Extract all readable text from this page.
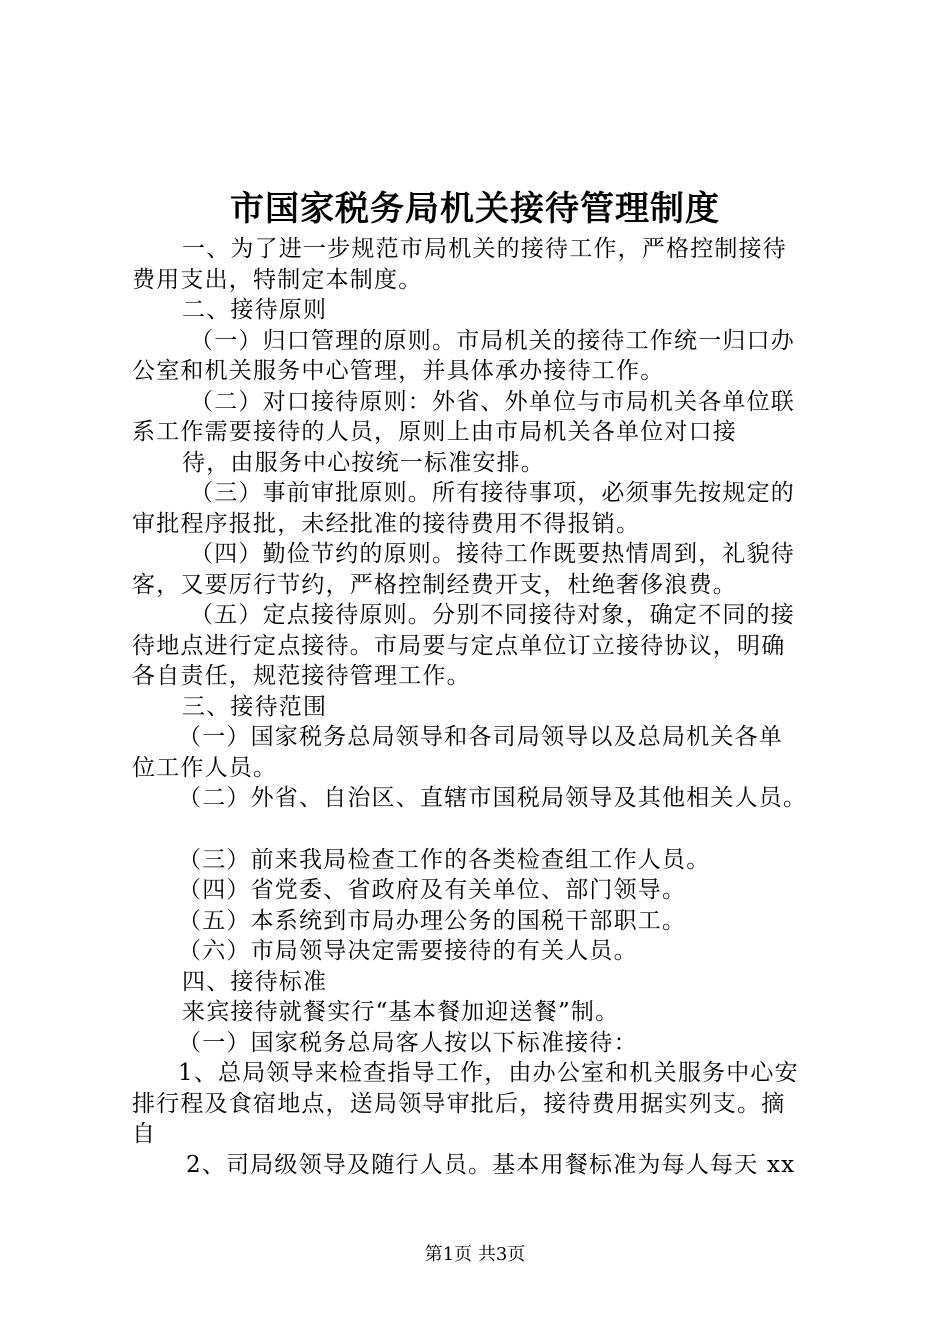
市国家税务局机关接待管理制度
一、为了进一步规范市局机关的接待工作，严格控制接待
费用支出，特制定本制度。
二、接待原则
（一）归口管理的原则。市局机关的接待工作统一归口办
公室和机关服务中心管理，并具体承办接待工作。
（二）对口接待原则：外省、外单位与市局机关各单位联
系工作需要接待的人员，原则上由市局机关各单位对口接
待，由服务中心按统一标准安排。
（三）事前审批原则。所有接待事项，必须事先按规定的
审批程序报批，未经批准的接待费用不得报销。
（四）勤俭节约的原则。接待工作既要热情周到，礼貌待
客，又要厉行节约，严格控制经费开支，杜绝奢侈浪费。
（五）定点接待原则。分别不同接待对象，确定不同的接
待地点进行定点接待。市局要与定点单位订立接待协议，明确
各自责任，规范接待管理工作。
三、接待范围
（一）国家税务总局领导和各司局领导以及总局机关各单
位工作人员。
（二）外省、自治区、直辖市国税局领导及其他相关人员。
（三）前来我局检查工作的各类检查组工作人员。
（四）省党委、省政府及有关单位、部门领导。
（五）本系统到市局办理公务的国税干部职工。
（六）市局领导决定需要接待的有关人员。
四、接待标准
来宾接待就餐实行“基本餐加迎送餐”制。
（一）国家税务总局客人按以下标准接待：
1、总局领导来检查指导工作，由办公室和机关服务中心安
排行程及食宿地点，送局领导审批后，接待费用据实列支。摘
自
2、司局级领导及随行人员。基本用餐标准为每人每天 xx
第1页 共3页
